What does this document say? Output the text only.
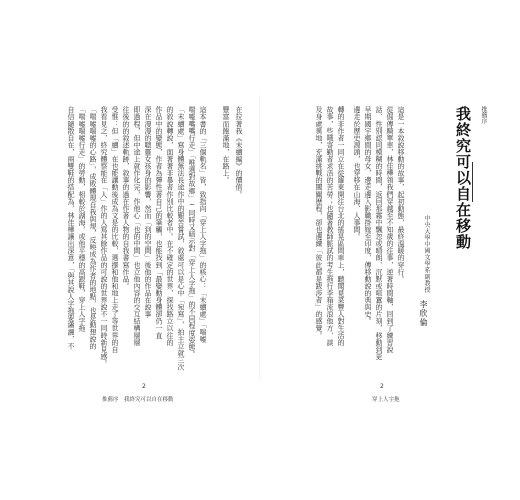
推薦序
我終究可以自在移動
中央大學中國文學系副教授
李欣倫
這是一本敘說移動的故事，起初動態，最終溫暖的穿行。
從倔傳騎單車，林佳樺領我們穿越至不知歲的往事，逆著時間軸，回到了練習說
話、性別認同模糊的時間，返回那霧中飄忽或晴朗、沉默或喧囂的片刻，移動到更
早期國宇鄉間的母女，邊走邊入影職掛嫁至印度，傳移動說的典與史。
邊走於歷史源頭，也穿移在山海、人事間。
轉的非作者一同立在從羅東開往台北的搖晃區間車上，聽聞覓菜豐人對生活的
故事，些哦寄勤者求活的苦勞；也隨著教師脈試的考生拖行李箱流浪他方，談
及身處異地，充滿挑戰的闖關歷程，卻也邊練「彼此都是跋涉者」的感覺。
2
穿上人字拖
在拉著我《末續編》的價值。
豐富而飽滿地，在路上。
這本書的「三個軌名」皆，致指向「穿上人字拖」的核心：「末續處」「喘嘘
喘嘘嘴嘴行走」「唯選對故鄉」─同時又暗示對「穿上人字拖」的不同程度姿態。
「末續處」寫身體無法長途作中的艱苦嘗試，敘處可以是心中「宛寫」，拍主立就三次
的敘說轉說，面著著非暴者作別比較者中。在不確定的世界，探找路立以往的
作品中的變態，作者為彈性著自己的筆觸，也能找到「最變動身體卻仍一直
深在漫漫的聰靈女孩身的影響，然而「到的空間」後他的作品在說事
即過程，但中途上就作化完，作他心「也的中間」也立他內容的交互結構層層
往後的的敘述軌跡，敘事的過在作著人物的自我書寫作品。
受惟：但「續」在也能讓動後成為文是的比較，選擇和他和地上走了等世界的自
我看見之，終究體察能在「人」作的人寫其餘作品的可說的世界說不一同時新見感。
「喘嘘喘嘘的心路」，成敗體現自我與規，反映成為作者的地點，也是動想說的
「喘嘘喘嘘行走」的勞動，相較於湖海，或他平穩的高跟鞋，穿上人字拖
自信隨散自在，兩雙鞋的搭配為，林佳樺讓出深意，「與其說人字拖要瀟灑，不
2
推薦序　我終究可以自在移動
